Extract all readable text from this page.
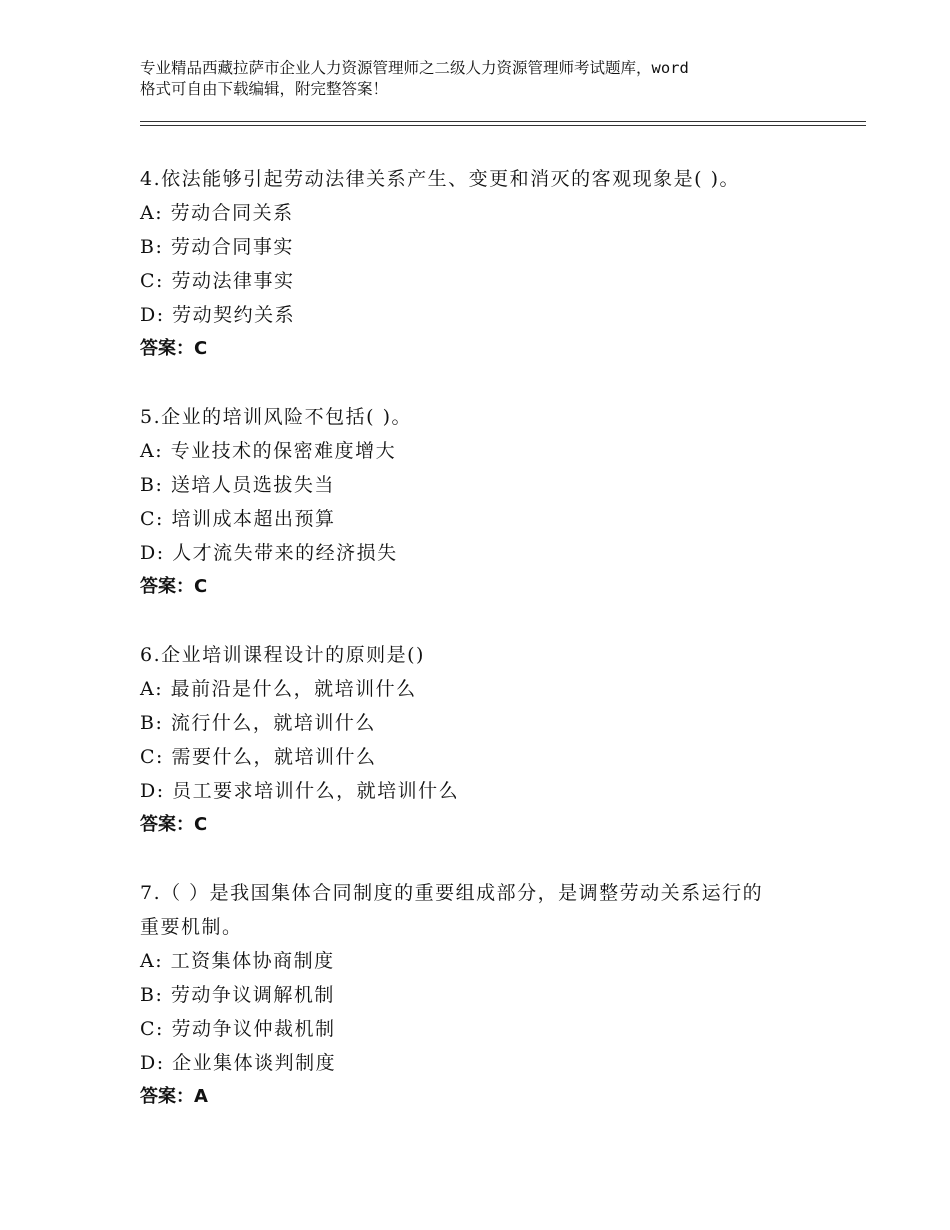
专业精品西藏拉萨市企业人力资源管理师之二级人力资源管理师考试题库，word
格式可自由下载编辑，附完整答案！
4.依法能够引起劳动法律关系产生、变更和消灭的客观现象是( )。
A: 劳动合同关系
B: 劳动合同事实
C: 劳动法律事实
D: 劳动契约关系
答案：C
5.企业的培训风险不包括( )。
A: 专业技术的保密难度增大
B: 送培人员选拔失当
C: 培训成本超出预算
D: 人才流失带来的经济损失
答案：C
6.企业培训课程设计的原则是()
A: 最前沿是什么，就培训什么
B: 流行什么，就培训什么
C: 需要什么，就培训什么
D: 员工要求培训什么，就培训什么
答案：C
7.（ ）是我国集体合同制度的重要组成部分，是调整劳动关系运行的
重要机制。
A: 工资集体协商制度
B: 劳动争议调解机制
C: 劳动争议仲裁机制
D: 企业集体谈判制度
答案：A
